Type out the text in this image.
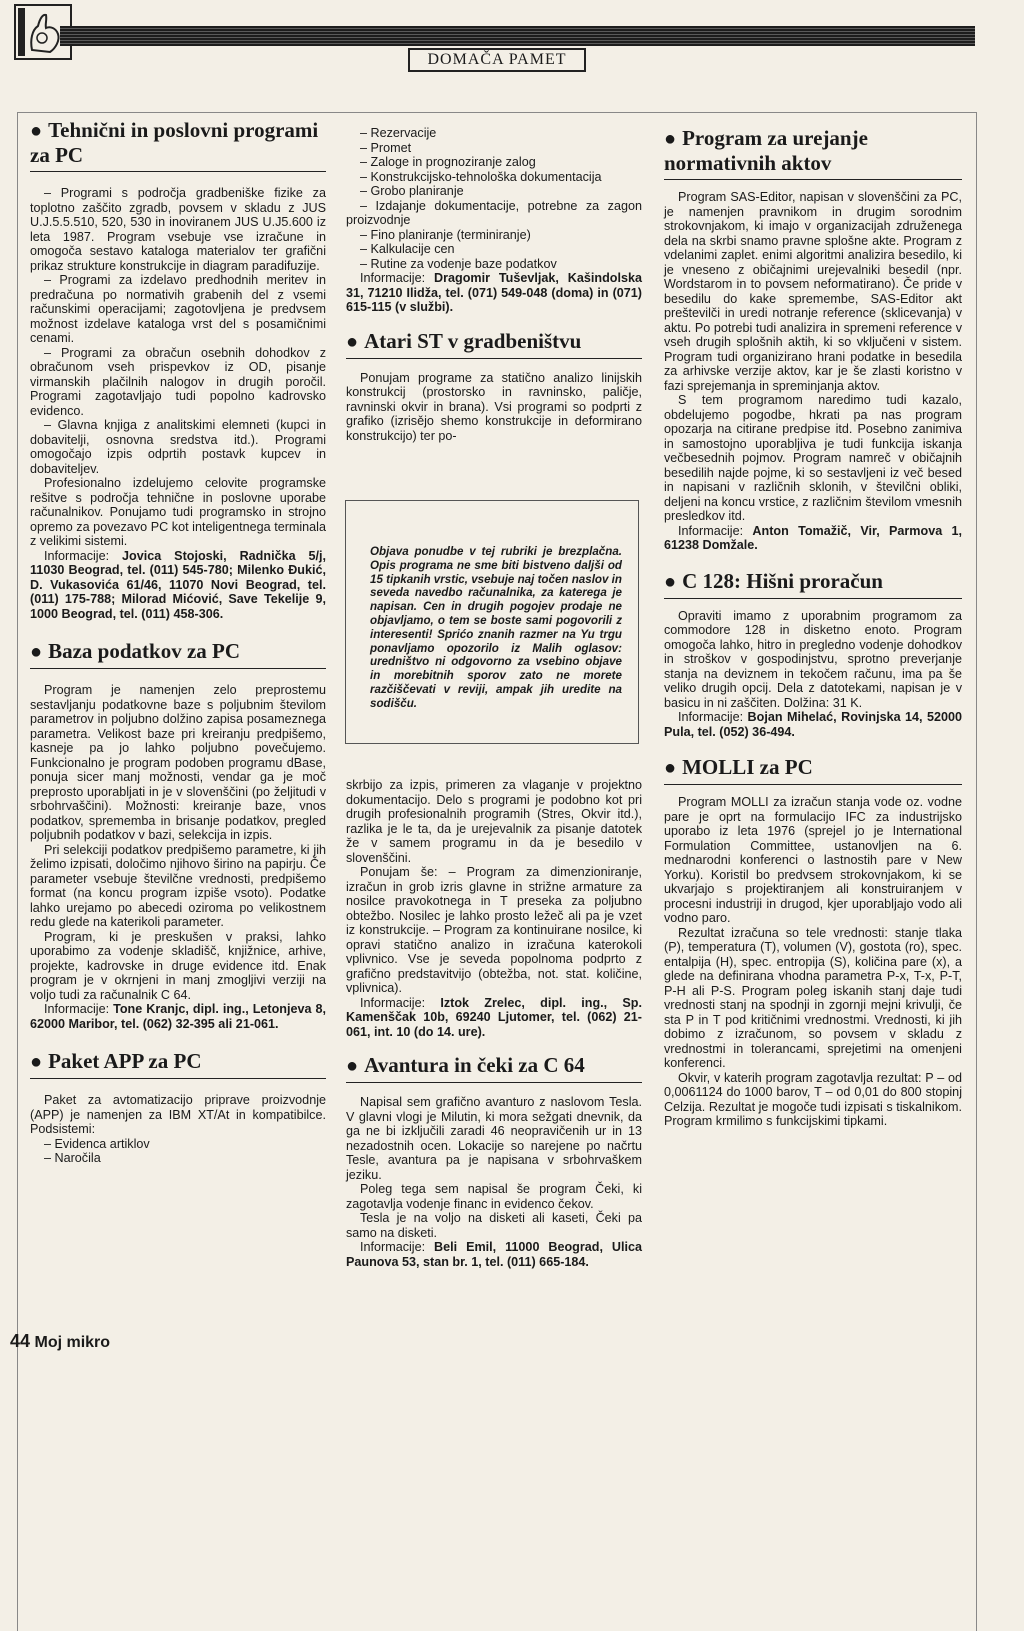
DOMAČA PAMET
● Tehnični in poslovni programi za PC

– Programi s področja gradbeniške fizike za toplotno zaščito zgradb, povsem v skladu z JUS U.J.5.5.510, 520, 530 in inoviranem JUS U.J5.600 iz leta 1987. Program vsebuje vse izračune in omogoča sestavo kataloga materialov ter grafični prikaz strukture konstrukcije in diagram paradifuzije.

– Programi za izdelavo predhodnih meritev in predračuna po normativih grabenih del z vsemi računskimi operacijami; zagotovljena je predvsem možnost izdelave kataloga vrst del s posamičnimi cenami.

– Programi za obračun osebnih dohodkov z obračunom vseh prispevkov iz OD, pisanje virmanskih plačilnih nalogov in drugih poročil. Programi zagotavljajo tudi popolno kadrovsko evidenco.

– Glavna knjiga z analitskimi elemneti (kupci in dobavitelji, osnovna sredstva itd.). Programi omogočajo izpis odprtih postavk kupcev in dobaviteljev.

Profesionalno izdelujemo celovite programske rešitve s področja tehnične in poslovne uporabe računalnikov. Ponujamo tudi programsko in strojno opremo za povezavo PC kot inteligentnega terminala z velikimi sistemi.

Informacije: Jovica Stojoski, Radnička 5/j, 11030 Beograd, tel. (011) 545-780; Milenko Đukić, D. Vukasovića 61/46, 11070 Novi Beograd, tel. (011) 175-788; Milorad Mićović, Save Tekelije 9, 1000 Beograd, tel. (011) 458-306.

● Baza podatkov za PC

Program je namenjen zelo preprostemu sestavljanju podatkovne baze s poljubnim številom parametrov in poljubno dolžino zapisa posameznega parametra. Velikost baze pri kreiranju predpišemo, kasneje pa jo lahko poljubno povečujemo. Funkcionalno je program podoben programu dBase, ponuja sicer manj možnosti, vendar ga je moč preprosto uporabljati in je v slovenščini (po željitudi v srbohrvaščini). Možnosti: kreiranje baze, vnos podatkov, sprememba in brisanje podatkov, pregled poljubnih podatkov v bazi, selekcija in izpis.

Pri selekciji podatkov predpišemo parametre, ki jih želimo izpisati, določimo njihovo širino na papirju. Če parameter vsebuje številčne vrednosti, predpišemo format (na koncu program izpiše vsoto). Podatke lahko urejamo po abecedi oziroma po velikostnem redu glede na katerikoli parameter.

Program, ki je preskušen v praksi, lahko uporabimo za vodenje skladišč, knjižnice, arhive, projekte, kadrovske in druge evidence itd. Enak program je v okrnjeni in manj zmogljivi verziji na voljo tudi za računalnik C 64.

Informacije: Tone Kranjc, dipl. ing., Letonjeva 8, 62000 Maribor, tel. (062) 32-395 ali 21-061.

● Paket APP za PC

Paket za avtomatizacijo priprave proizvodnje (APP) je namenjen za IBM XT/At in kompatibilce. Podsistemi:

– Evidenca artiklov

– Naročila

– Rezervacije

– Promet

– Zaloge in prognoziranje zalog

– Konstrukcijsko-tehnološka dokumentacija

– Grobo planiranje

– Izdajanje dokumentacije, potrebne za zagon proizvodnje

– Fino planiranje (terminiranje)

– Kalkulacije cen

– Rutine za vodenje baze podatkov

Informacije: Dragomir Tuševljak, Kašindolska 31, 71210 Ilidža, tel. (071) 549-048 (doma) in (071) 615-115 (v službi).

● Atari ST v gradbeništvu

Ponujam programe za statično analizo linijskih konstrukcij (prostorsko in ravninsko, paličje, ravninski okvir in brana). Vsi programi so podprti z grafiko (izrisějo shemo konstrukcije in deformirano konstrukcijo) ter po-

Objava ponudbe v tej rubriki je brezplačna. Opis programa ne sme biti bistveno daljši od 15 tipkanih vrstic, vsebuje naj točen naslov in seveda navedbo računalnika, za katerega je napisan. Cen in drugih pogojev prodaje ne objavljamo, o tem se boste sami pogovorili z interesenti! Sprićo znanih razmer na Yu trgu ponavljamo opozorilo iz Malih oglasov: uredništvo ni odgovorno za vsebino objave in morebitnih sporov zato ne morete razčiščevati v reviji, ampak jih uredite na sodišču.

skrbijo za izpis, primeren za vlaganje v projektno dokumentacijo. Delo s programi je podobno kot pri drugih profesionalnih programih (Stres, Okvir itd.), razlika je le ta, da je urejevalnik za pisanje datotek že v samem programu in da je besedilo v slovenščini.

Ponujam še: – Program za dimenzioniranje, izračun in grob izris glavne in strižne armature za nosilce pravokotnega in T preseka za poljubno obtežbo. Nosilec je lahko prosto ležeč ali pa je vzet iz konstrukcije. – Program za kontinuirane nosilce, ki opravi statično analizo in izračuna katerokoli vplivnico. Vse je seveda popolnoma podprto z grafično predstavitvijo (obtežba, not. stat. količine, vplivnica).

Informacije: Iztok Zrelec, dipl. ing., Sp. Kamenščak 10b, 69240 Ljutomer, tel. (062) 21-061, int. 10 (do 14. ure).

● Avantura in čeki za C 64

Napisal sem grafično avanturo z naslovom Tesla. V glavni vlogi je Milutin, ki mora sežgati dnevnik, da ga ne bi izključili zaradi 46 neopravičenih ur in 13 nezadostnih ocen. Lokacije so narejene po načrtu Tesle, avantura pa je napisana v srbohrvaškem jeziku.

Poleg tega sem napisal še program Čeki, ki zagotavlja vodenje financ in evidenco čekov.

Tesla je na voljo na disketi ali kaseti, Čeki pa samo na disketi.

Informacije: Beli Emil, 11000 Beograd, Ulica Paunova 53, stan br. 1, tel. (011) 665-184.

● Program za urejanje normativnih aktov

Program SAS-Editor, napisan v slovenščini za PC, je namenjen pravnikom in drugim sorodnim strokovnjakom, ki imajo v organizacijah združenega dela na skrbi snamo pravne splošne akte. Program z vdelanimi zaplet. enimi algoritmi analizira besedilo, ki je vneseno z običajnimi urejevalniki besedil (npr. Wordstarom in to povsem neformatirano). Če pride v besedilu do kake spremembe, SAS-Editor akt preštevilči in uredi notranje reference (sklicevanja) v aktu. Po potrebi tudi analizira in spremeni reference v vseh drugih splošnih aktih, ki so vključeni v sistem. Program tudi organizirano hrani podatke in besedila za arhivske verzije aktov, kar je še zlasti koristno v fazi sprejemanja in spreminjanja aktov.

S tem programom naredimo tudi kazalo, obdelujemo pogodbe, hkrati pa nas program opozarja na citirane predpise itd. Posebno zanimiva in samostojno uporabljiva je tudi funkcija iskanja večbesednih pojmov. Program namreč v običajnih besedilih najde pojme, ki so sestavljeni iz več besed in napisani v različnih sklonih, v številčni obliki, deljeni na koncu vrstice, z različnim številom vmesnih presledkov itd.

Informacije: Anton Tomažič, Vir, Parmova 1, 61238 Domžale.

● C 128: Hišni proračun

Opraviti imamo z uporabnim programom za commodore 128 in disketno enoto. Program omogoča lahko, hitro in pregledno vodenje dohodkov in stroškov v gospodinjstvu, sprotno preverjanje stanja na deviznem in tekočem računu, ima pa še veliko drugih opcij. Dela z datotekami, napisan je v basicu in ni zaščiten. Dolžina: 31 K.

Informacije: Bojan Mihelać, Rovinjska 14, 52000 Pula, tel. (052) 36-494.

● MOLLI za PC

Program MOLLI za izračun stanja vode oz. vodne pare je oprt na formulacijo IFC za industrijsko uporabo iz leta 1976 (sprejel jo je International Formulation Committee, ustanovljen na 6. mednarodni konferenci o lastnostih pare v New Yorku). Koristil bo predvsem strokovnjakom, ki se ukvarjajo s projektiranjem ali konstruiranjem v procesni industriji in drugod, kjer uporabljajo vodo ali vodno paro.

Rezultat izračuna so tele vrednosti: stanje tlaka (P), temperatura (T), volumen (V), gostota (ro), spec. entalpija (H), spec. entropija (S), količina pare (x), a glede na definirana vhodna parametra P-x, T-x, P-T, P-H ali P-S. Program poleg iskanih stanj daje tudi vrednosti stanj na spodnji in zgornji mejni krivulji, če sta P in T pod kritičnimi vrednostmi. Vrednosti, ki jih dobimo z izračunom, so povsem v skladu z vrednostmi in tolerancami, sprejetimi na omenjeni konferenci.

Okvir, v katerih program zagotavlja rezultat: P – od 0,0061124 do 1000 barov, T – od 0,01 do 800 stopinj Celzija. Rezultat je mogoče tudi izpisati s tiskalnikom. Program krmilimo s funkcijskimi tipkami.

44 Moj mikro
